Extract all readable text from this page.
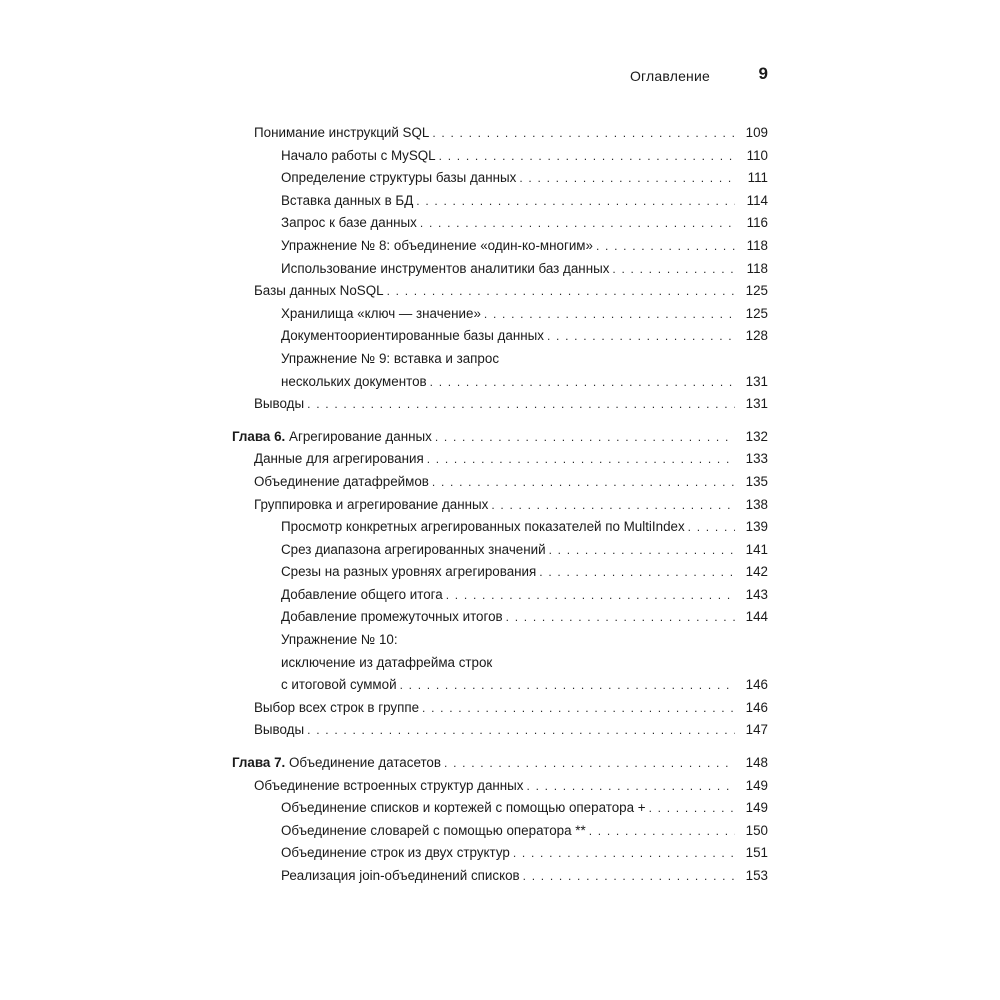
Оглавление	9
Понимание инструкций SQL . . .	109
Начало работы с MySQL . . .	110
Определение структуры базы данных . . .	111
Вставка данных в БД . . .	114
Запрос к базе данных . . .	116
Упражнение № 8: объединение «один-ко-многим» . . .	118
Использование инструментов аналитики баз данных . . .	118
Базы данных NoSQL . . .	125
Хранилища «ключ — значение» . . .	125
Документоориентированные базы данных . . .	128
Упражнение № 9: вставка и запрос
нескольких документов . . .	131
Выводы . . .	131
Глава 6. Агрегирование данных . . .	132
Данные для агрегирования . . .	133
Объединение датафреймов . . .	135
Группировка и агрегирование данных . . .	138
Просмотр конкретных агрегированных показателей по MultiIndex . . .	139
Срез диапазона агрегированных значений . . .	141
Срезы на разных уровнях агрегирования . . .	142
Добавление общего итога . . .	143
Добавление промежуточных итогов . . .	144
Упражнение № 10:
исключение из датафрейма строк
с итоговой суммой . . .	146
Выбор всех строк в группе . . .	146
Выводы . . .	147
Глава 7. Объединение датасетов . . .	148
Объединение встроенных структур данных . . .	149
Объединение списков и кортежей с помощью оператора + . . .	149
Объединение словарей с помощью оператора ** . . .	150
Объединение строк из двух структур . . .	151
Реализация join-объединений списков . . .	153
